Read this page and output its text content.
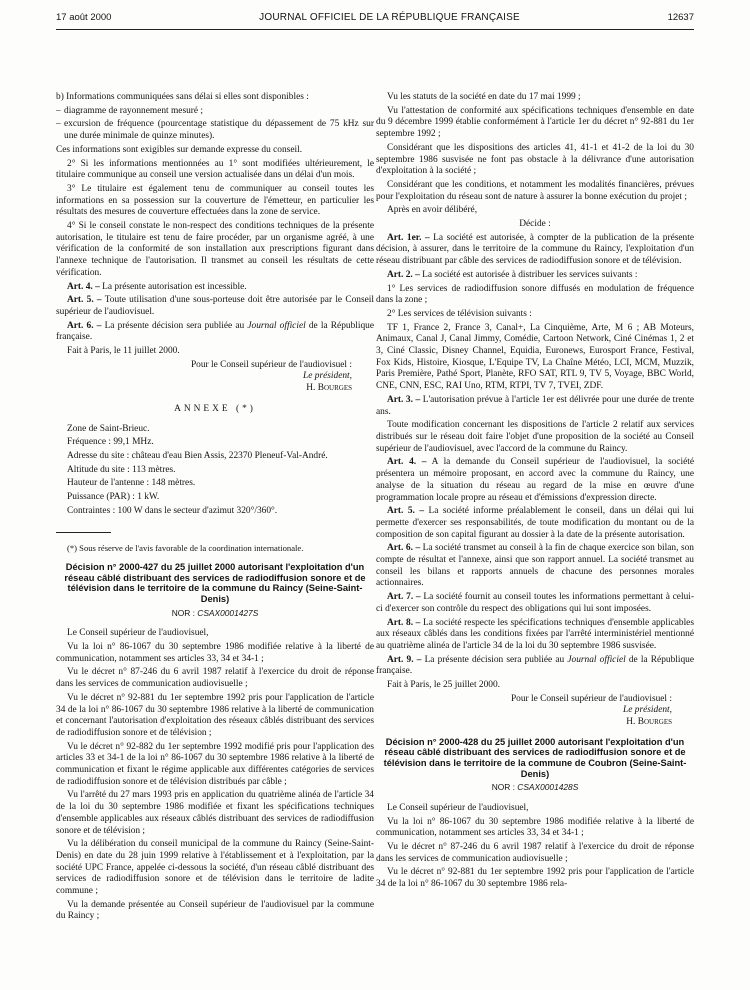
17 août 2000	JOURNAL OFFICIEL DE LA RÉPUBLIQUE FRANÇAISE	12637

b) Informations communiquées sans délai si elles sont disponibles :

– diagramme de rayonnement mesuré ;

– excursion de fréquence (pourcentage statistique du dépassement de 75 kHz sur une durée minimale de quinze minutes).

Ces informations sont exigibles sur demande expresse du conseil.

2° Si les informations mentionnées au 1° sont modifiées ultérieurement, le titulaire communique au conseil une version actualisée dans un délai d'un mois.

3° Le titulaire est également tenu de communiquer au conseil toutes les informations en sa possession sur la couverture de l'émetteur, en particulier les résultats des mesures de couverture effectuées dans la zone de service.

4° Si le conseil constate le non-respect des conditions techniques de la présente autorisation, le titulaire est tenu de faire procéder, par un organisme agréé, à une vérification de la conformité de son installation aux prescriptions figurant dans l'annexe technique de l'autorisation. Il transmet au conseil les résultats de cette vérification.

Art. 4. – La présente autorisation est incessible.

Art. 5. – Toute utilisation d'une sous-porteuse doit être autorisée par le Conseil supérieur de l'audiovisuel.

Art. 6. – La présente décision sera publiée au Journal officiel de la République française.

Fait à Paris, le 11 juillet 2000.

Pour le Conseil supérieur de l'audiovisuel :
Le président,
H. Bourges

ANNEXE (*)

Zone de Saint-Brieuc.

Fréquence : 99,1 MHz.

Adresse du site : château d'eau Bien Assis, 22370 Pleneuf-Val-André.

Altitude du site : 113 mètres.

Hauteur de l'antenne : 148 mètres.

Puissance (PAR) : 1 kW.

Contraintes : 100 W dans le secteur d'azimut 320°/360°.

(*) Sous réserve de l'avis favorable de la coordination internationale.

Décision n° 2000-427 du 25 juillet 2000 autorisant l'exploitation d'un réseau câblé distribuant des services de radiodiffusion sonore et de télévision dans le territoire de la commune du Raincy (Seine-Saint-Denis)

NOR : CSAX0001427S

Le Conseil supérieur de l'audiovisuel,

Vu la loi n° 86-1067 du 30 septembre 1986 modifiée relative à la liberté de communication, notamment ses articles 33, 34 et 34-1 ;

Vu le décret n° 87-246 du 6 avril 1987 relatif à l'exercice du droit de réponse dans les services de communication audiovisuelle ;

Vu le décret n° 92-881 du 1er septembre 1992 pris pour l'application de l'article 34 de la loi n° 86-1067 du 30 septembre 1986 relative à la liberté de communication et concernant l'autorisation d'exploitation des réseaux câblés distribuant des services de radiodiffusion sonore et de télévision ;

Vu le décret n° 92-882 du 1er septembre 1992 modifié pris pour l'application des articles 33 et 34-1 de la loi n° 86-1067 du 30 septembre 1986 relative à la liberté de communication et fixant le régime applicable aux différentes catégories de services de radiodiffusion sonore et de télévision distribués par câble ;

Vu l'arrêté du 27 mars 1993 pris en application du quatrième alinéa de l'article 34 de la loi du 30 septembre 1986 modifiée et fixant les spécifications techniques d'ensemble applicables aux réseaux câblés distribuant des services de radiodiffusion sonore et de télévision ;

Vu la délibération du conseil municipal de la commune du Raincy (Seine-Saint-Denis) en date du 28 juin 1999 relative à l'établissement et à l'exploitation, par la société UPC France, appelée ci-dessous la société, d'un réseau câblé distribuant des services de radiodiffusion sonore et de télévision dans le territoire de ladite commune ;

Vu la demande présentée au Conseil supérieur de l'audiovisuel par la commune du Raincy ;

Vu les statuts de la société en date du 17 mai 1999 ;

Vu l'attestation de conformité aux spécifications techniques d'ensemble en date du 9 décembre 1999 établie conformément à l'article 1er du décret n° 92-881 du 1er septembre 1992 ;

Considérant que les dispositions des articles 41, 41-1 et 41-2 de la loi du 30 septembre 1986 susvisée ne font pas obstacle à la délivrance d'une autorisation d'exploitation à la société ;

Considérant que les conditions, et notamment les modalités financières, prévues pour l'exploitation du réseau sont de nature à assurer la bonne exécution du projet ;

Après en avoir délibéré,

Décide :

Art. 1er. – La société est autorisée, à compter de la publication de la présente décision, à assurer, dans le territoire de la commune du Raincy, l'exploitation d'un réseau distribuant par câble des services de radiodiffusion sonore et de télévision.

Art. 2. – La société est autorisée à distribuer les services suivants :

1° Les services de radiodiffusion sonore diffusés en modulation de fréquence dans la zone ;

2° Les services de télévision suivants :

TF 1, France 2, France 3, Canal+, La Cinquième, Arte, M 6 ; AB Moteurs, Animaux, Canal J, Canal Jimmy, Comédie, Cartoon Network, Ciné Cinémas 1, 2 et 3, Ciné Classic, Disney Channel, Equidia, Euronews, Eurosport France, Festival, Fox Kids, Histoire, Kiosque, L'Equipe TV, La Chaîne Météo, LCI, MCM, Muzzik, Paris Première, Pathé Sport, Planète, RFO SAT, RTL 9, TV 5, Voyage, BBC World, CNE, CNN, ESC, RAI Uno, RTM, RTPI, TV 7, TVEI, ZDF.

Art. 3. – L'autorisation prévue à l'article 1er est délivrée pour une durée de trente ans.

Toute modification concernant les dispositions de l'article 2 relatif aux services distribués sur le réseau doit faire l'objet d'une proposition de la société au Conseil supérieur de l'audiovisuel, avec l'accord de la commune du Raincy.

Art. 4. – A la demande du Conseil supérieur de l'audiovisuel, la société présentera un mémoire proposant, en accord avec la commune du Raincy, une analyse de la situation du réseau au regard de la mise en œuvre d'une programmation locale propre au réseau et d'émissions d'expression directe.

Art. 5. – La société informe préalablement le conseil, dans un délai qui lui permette d'exercer ses responsabilités, de toute modification du montant ou de la composition de son capital figurant au dossier à la date de la présente autorisation.

Art. 6. – La société transmet au conseil à la fin de chaque exercice son bilan, son compte de résultat et l'annexe, ainsi que son rapport annuel. La société transmet au conseil les bilans et rapports annuels de chacune des personnes morales actionnaires.

Art. 7. – La société fournit au conseil toutes les informations permettant à celui-ci d'exercer son contrôle du respect des obligations qui lui sont imposées.

Art. 8. – La société respecte les spécifications techniques d'ensemble applicables aux réseaux câblés dans les conditions fixées par l'arrêté interministériel mentionné au quatrième alinéa de l'article 34 de la loi du 30 septembre 1986 susvisée.

Art. 9. – La présente décision sera publiée au Journal officiel de la République française.

Fait à Paris, le 25 juillet 2000.

Pour le Conseil supérieur de l'audiovisuel :
Le président,
H. Bourges

Décision n° 2000-428 du 25 juillet 2000 autorisant l'exploitation d'un réseau câblé distribuant des services de radiodiffusion sonore et de télévision dans le territoire de la commune de Coubron (Seine-Saint-Denis)

NOR : CSAX0001428S

Le Conseil supérieur de l'audiovisuel,

Vu la loi n° 86-1067 du 30 septembre 1986 modifiée relative à la liberté de communication, notamment ses articles 33, 34 et 34-1 ;

Vu le décret n° 87-246 du 6 avril 1987 relatif à l'exercice du droit de réponse dans les services de communication audiovisuelle ;

Vu le décret n° 92-881 du 1er septembre 1992 pris pour l'application de l'article 34 de la loi n° 86-1067 du 30 septembre 1986 rela-
